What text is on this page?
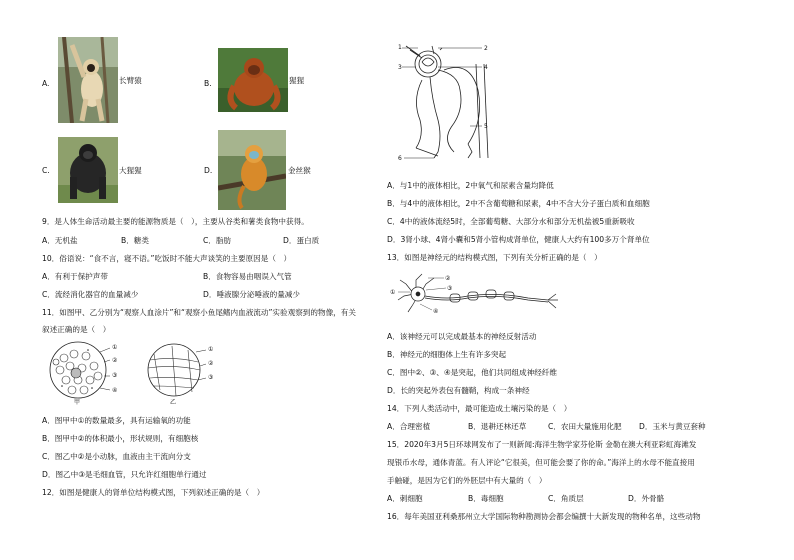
A.	长臂猿	B.	猩猩
C.	大猩猩	D.	金丝猴
9．是人体生命活动最主要的能源物质是（　），主要从谷类和薯类食物中获得。
A．无机盐	B．糖类	C．脂肪	D．蛋白质
10．俗语说：“食不言，寝不语。”吃饭时不能大声谈笑的主要原因是（　）
A．有利于保护声带	B．食物容易由咽误入气管
C．流经消化器官的血量减少	D．唾液腺分泌唾液的量减少
11．如图甲、乙分别为“观察人血涂片”和“观察小鱼尾鳍内血液流动”实验观察到的物像，有关
叙述正确的是（　）
①
②
③
④
①
②
③
甲	乙
A．图甲中①的数量最多，具有运输氧的功能
B．图甲中②的体积最小，形状规则，有细胞核
C．图乙中②是小动脉，血液由主干流向分支
D．图乙中③是毛细血管，只允许红细胞单行通过
12．如图是健康人的肾单位结构模式图，下列叙述正确的是（　）
1	2
3	4
5
6
A．与1中的液体相比，2中氧气和尿素含量均降低
B．与4中的液体相比，2中不含葡萄糖和尿素，4中不含大分子蛋白质和血细胞
C．4中的液体流经5时，全部葡萄糖、大部分水和部分无机盐被5重新吸收
D．3肾小球、4肾小囊和5肾小管构成肾单位，健康人大约有100多万个肾单位
13．如图是神经元的结构模式图，下列有关分析正确的是（　）
①
②
③
④
A．该神经元可以完成最基本的神经反射活动
B．神经元的细胞体上生有许多突起
C．图中②、③、④是突起，他们共同组成神经纤维
D．长的突起外表包有髓鞘，构成一条神经
14．下列人类活动中，最可能造成土壤污染的是（　）
A．合理密植	B．退耕还林还草	C．农田大量施用化肥 D．玉米与黄豆套种
15．2020年3月5日环球网发布了一则新闻:海洋生物学家芬伦斯 金勒在澳大利亚彩虹海滩发
现银币水母，通体青蓝。有人评论“它很美，但可能会要了你的命。”海洋上的水母不能直接用
手触碰，是因为它们的外胚层中有大量的（　）
A．刺细胞	B．毒细胞	C．角质层	D．外骨骼
16．每年美国亚利桑那州立大学国际物种勘测协会都会编撰十大新发现的物种名单，这些动物
